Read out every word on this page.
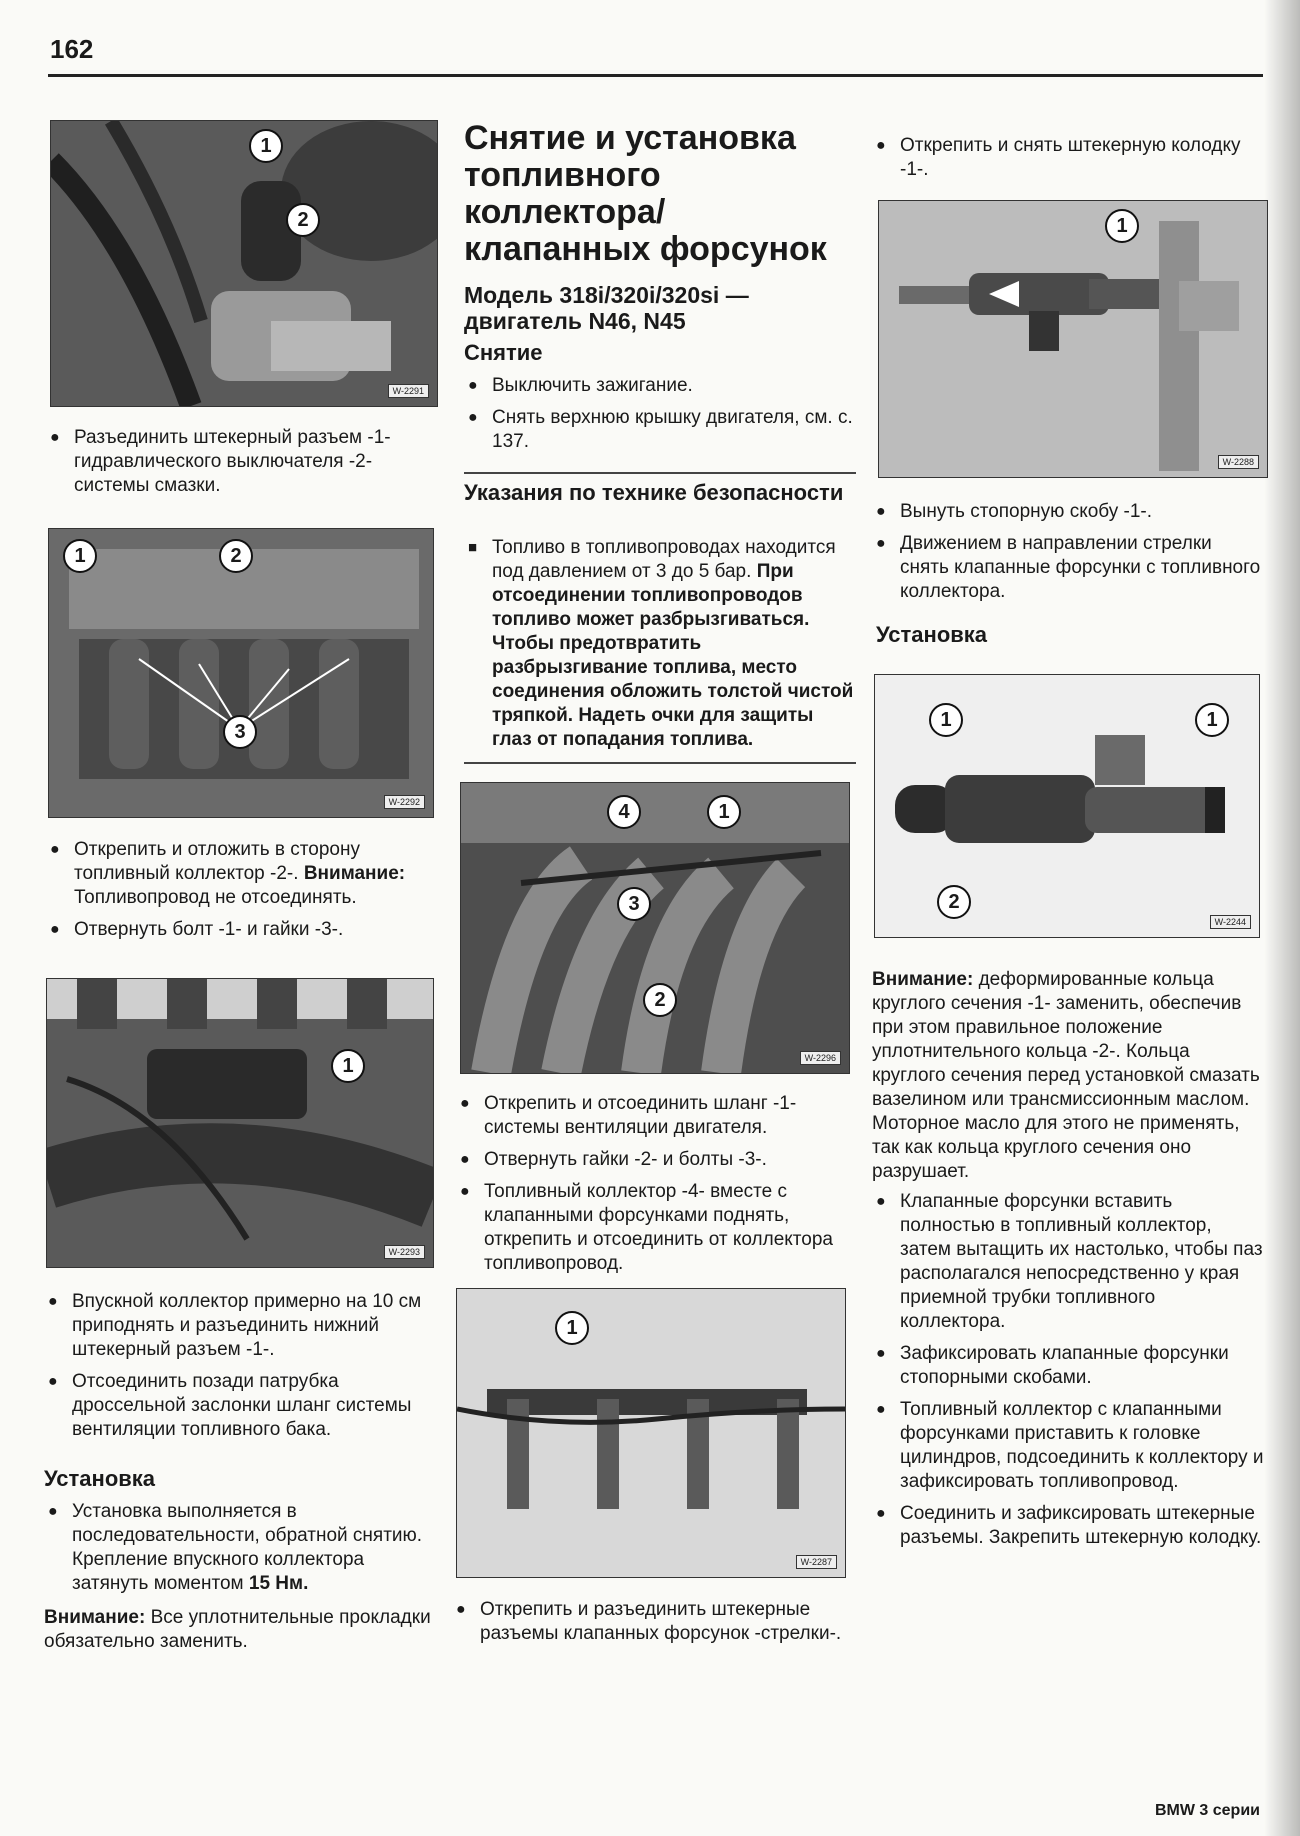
162
1
2
W-2291
● Разъединить штекерный разъем -1- гидравлического выключателя -2- системы смазки.
1	2
3
W-2292
● Открепить и отложить в сторону топливный коллектор -2-. Внимание: Топливопровод не отсоединять.
● Отвернуть болт -1- и гайки -3-.
1
W-2293
● Впускной коллектор примерно на 10 см приподнять и разъединить нижний штекерный разъем -1-.
● Отсоединить позади патрубка дроссельной заслонки шланг системы вентиляции топливного бака.
Установка
● Установка выполняется в последовательности, обратной снятию. Крепление впускного коллектора затянуть моментом 15 Нм.

Внимание: Все уплотнительные прокладки обязательно заменить.

Снятие и установка топливного коллектора/ клапанных форсунок
Модель 318i/320i/320si — двигатель N46, N45
Снятие
● Выключить зажигание.
● Снять верхнюю крышку двигателя, см. с. 137.
Указания по технике безопасности
■ Топливо в топливопроводах находится под давлением от 3 до 5 бар. При отсоединении топливопроводов топливо может разбрызгиваться. Чтобы предотвратить разбрызгивание топлива, место соединения обложить толстой чистой тряпкой. Надеть очки для защиты глаз от попадания топлива.
4	1
3
2
W-2296
● Открепить и отсоединить шланг -1- системы вентиляции двигателя.
● Отвернуть гайки -2- и болты -3-.
● Топливный коллектор -4- вместе с клапанными форсунками поднять, открепить и отсоединить от коллектора топливопровод.
1
W-2287
● Открепить и разъединить штекерные разъемы клапанных форсунок -стрелки-.
● Открепить и снять штекерную колодку -1-.
1
W-2288
● Вынуть стопорную скобу -1-.
● Движением в направлении стрелки снять клапанные форсунки с топливного коллектора.
Установка
1	1
2
W-2244

Внимание: деформированные кольца круглого сечения -1- заменить, обеспечив при этом правильное положение уплотнительного кольца -2-. Кольца круглого сечения перед установкой смазать вазелином или трансмиссионным маслом. Моторное масло для этого не применять, так как кольца круглого сечения оно разрушает.

● Клапанные форсунки вставить полностью в топливный коллектор, затем вытащить их настолько, чтобы паз располагался непосредственно у края приемной трубки топливного коллектора.
● Зафиксировать клапанные форсунки стопорными скобами.
● Топливный коллектор с клапанными форсунками приставить к головке цилиндров, подсоединить к коллектору и зафиксировать топливопровод.
● Соединить и зафиксировать штекерные разъемы. Закрепить штекерную колодку.
BMW 3 серии
